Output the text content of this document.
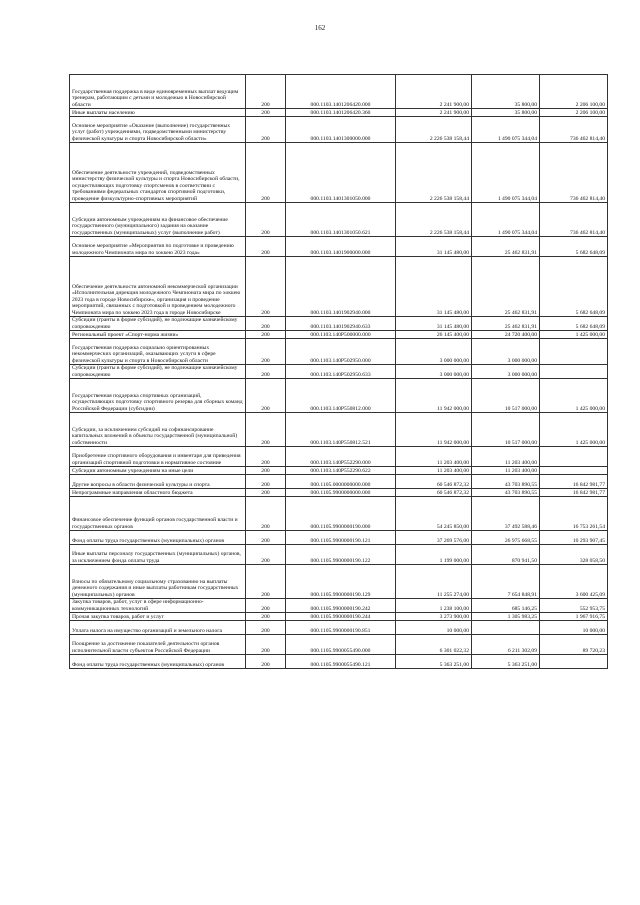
162
Государственная поддержка в виде единовременных выплат ведущим тренерам, работающим с детьми и молодежью в Новосибирской области	200	000.1103.1401206420.000	2 241 900,00	35 800,00	2 206 100,00
Иные выплаты населению	200	000.1103.1401206420.360	2 241 900,00	35 800,00	2 206 100,00
Основное мероприятие «Оказание (выполнение) государственных услуг (работ) учреждениями, подведомственными министерству физической культуры и спорта Новосибирской области»	200	000.1103.1401300000.000	2 226 538 158,44	1 490 075 344,04	736 462 814,40
Обеспечение деятельности учреждений, подведомственных министерству физической культуры и спорта Новосибирской области, осуществляющих подготовку спортсменов в соответствии с требованиями федеральных стандартов спортивной подготовки, проведение физкультурно-спортивных мероприятий	200	000.1103.1401301050.000	2 226 538 158,44	1 490 075 344,04	736 462 814,40
Субсидии автономным учреждениям на финансовое обеспечение государственного (муниципального) задания на оказание государственных (муниципальных) услуг (выполнение работ)	200	000.1103.1401301050.621	2 226 538 158,44	1 490 075 344,04	736 462 814,40
Основное мероприятие «Мероприятия по подготовке и проведению молодежного Чемпионата мира по хоккею 2023 года»	200	000.1103.1401900000.000	31 145 480,00	25 462 831,91	5 682 648,09
Обеспечение деятельности автономной некоммерческой организации «Исполнительная дирекция молодежного Чемпионата мира по хоккею 2023 года в городе Новосибирске», организация и проведение мероприятий, связанных с подготовкой и проведением молодежного Чемпионата мира по хоккею 2023 года в городе Новосибирске	200	000.1103.1401902940.000	31 145 480,00	25 462 831,91	5 682 648,09
Субсидии (гранты в форме субсидий), не подлежащие казначейскому сопровождению	200	000.1103.1401902940.633	31 145 480,00	25 462 831,91	5 682 648,09
Региональный проект «Спорт-норма жизни»	200	000.1103.140P500000.000	26 145 400,00	24 720 400,00	1 425 000,00
Государственная поддержка социально ориентированных некоммерческих организаций, оказывающих услуги в сфере физической культуры и спорта в Новосибирской области	200	000.1103.140P502950.000	3 000 000,00	3 000 000,00	
Субсидии (гранты в форме субсидий), не подлежащие казначейскому сопровождению	200	000.1103.140P502950.633	3 000 000,00	3 000 000,00	
Государственная поддержка спортивных организаций, осуществляющих подготовку спортивного резерва для сборных команд Российской Федерации (субсидии)	200	000.1103.140P550812.000	11 942 000,00	10 517 000,00	1 425 000,00
Субсидии, за исключением субсидий на софинансирование капитальных вложений в объекты государственной (муниципальной) собственности	200	000.1103.140P550812.521	11 942 000,00	10 517 000,00	1 425 000,00
Приобретение спортивного оборудования и инвентаря для приведения организаций спортивной подготовки в нормативное состояние	200	000.1103.140P552290.000	11 203 400,00	11 203 400,00	
Субсидии автономным учреждениям на иные цели	200	000.1103.140P552290.622	11 203 400,00	11 203 400,00	
Другие вопросы в области физической культуры и спорта	200	000.1105.0000000000.000	60 546 872,32	43 703 890,55	16 842 981,77
Непрограммные направления областного бюджета	200	000.1105.9900000000.000	60 546 872,32	43 703 890,55	16 842 981,77
Финансовое обеспечение функций органов государственной власти и государственных органов	200	000.1105.9900000190.000	54 245 850,00	37 492 588,46	16 753 261,54
Фонд оплаты труда государственных (муниципальных) органов	200	000.1105.9900000190.121	37 269 576,00	26 975 668,55	10 293 907,45
Иные выплаты персоналу государственных (муниципальных) органов, за исключением фонда оплаты труда	200	000.1105.9900000190.122	1 199 000,00	870 941,50	328 058,50
Взносы по обязательному социальному страхованию на выплаты денежного содержания и иные выплаты работникам государственных (муниципальных) органов	200	000.1105.9900000190.129	11 255 274,00	7 654 848,91	3 600 425,09
Закупка товаров, работ, услуг в сфере информационно-коммуникационных технологий	200	000.1105.9900000190.242	1 238 100,00	685 146,25	552 953,75
Прочая закупка товаров, работ и услуг	200	000.1105.9900000190.244	3 273 900,00	1 305 983,25	1 967 916,75
Уплата налога на имущество организаций и земельного налога	200	000.1105.9900000190.851	10 000,00		10 000,00
Поощрение за достижение показателей деятельности органов исполнительной власти субъектов Российской Федерации	200	000.1105.9900055490.000	6 301 022,32	6 211 302,09	89 720,23
Фонд оплаты труда государственных (муниципальных) органов	200	000.1105.9900055490.121	5 363 251,00	5 363 251,00	
